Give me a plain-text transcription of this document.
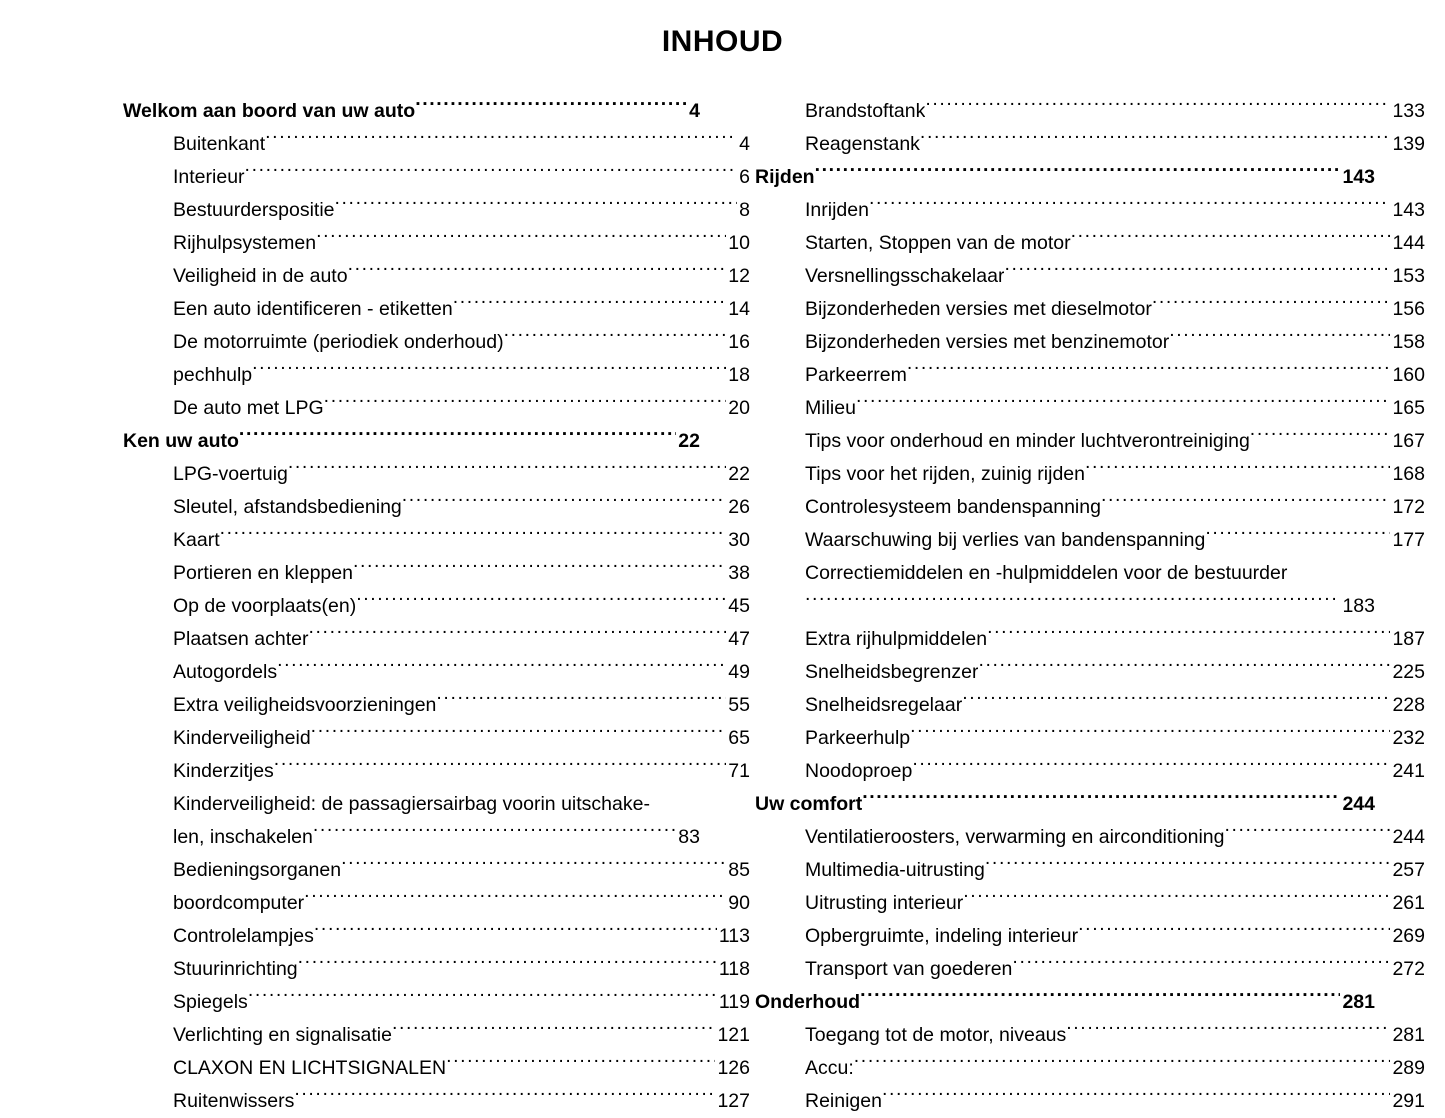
INHOUD
Welkom aan boord van uw auto .....	4
Buitenkant .....	4
Interieur .....	6
Bestuurderspositie .....	8
Rijhulpsystemen .....	10
Veiligheid in de auto .....	12
Een auto identificeren - etiketten .....	14
De motorruimte (periodiek onderhoud) .....	16
pechhulp .....	18
De auto met LPG .....	20
Ken uw auto .....	22
LPG-voertuig .....	22
Sleutel, afstandsbediening .....	26
Kaart .....	30
Portieren en kleppen .....	38
Op de voorplaats(en) .....	45
Plaatsen achter .....	47
Autogordels .....	49
Extra veiligheidsvoorzieningen .....	55
Kinderveiligheid .....	65
Kinderzitjes .....	71
Kinderveiligheid: de passagiersairbag voorin uitschake-
len, inschakelen .....	83
Bedieningsorganen .....	85
boordcomputer .....	90
Controlelampjes .....	113
Stuurinrichting .....	118
Spiegels .....	119
Verlichting en signalisatie .....	121
CLAXON EN LICHTSIGNALEN .....	126
Ruitenwissers .....	127
Brandstoftank .....	133
Reagenstank .....	139
Rijden .....	143
Inrijden .....	143
Starten, Stoppen van de motor .....	144
Versnellingsschakelaar .....	153
Bijzonderheden versies met dieselmotor .....	156
Bijzonderheden versies met benzinemotor .....	158
Parkeerrem .....	160
Milieu .....	165
Tips voor onderhoud en minder luchtverontreiniging .....	167
Tips voor het rijden, zuinig rijden .....	168
Controlesysteem bandenspanning .....	172
Waarschuwing bij verlies van bandenspanning .....	177
Correctiemiddelen en -hulpmiddelen voor de bestuurder
.....
183
Extra rijhulpmiddelen .....	187
Snelheidsbegrenzer .....	225
Snelheidsregelaar .....	228
Parkeerhulp .....	232
Noodoproep .....	241
Uw comfort .....	244
Ventilatieroosters, verwarming en airconditioning .....	244
Multimedia-uitrusting .....	257
Uitrusting interieur .....	261
Opbergruimte, indeling interieur .....	269
Transport van goederen .....	272
Onderhoud .....	281
Toegang tot de motor, niveaus .....	281
Accu: .....	289
Reinigen .....	291
